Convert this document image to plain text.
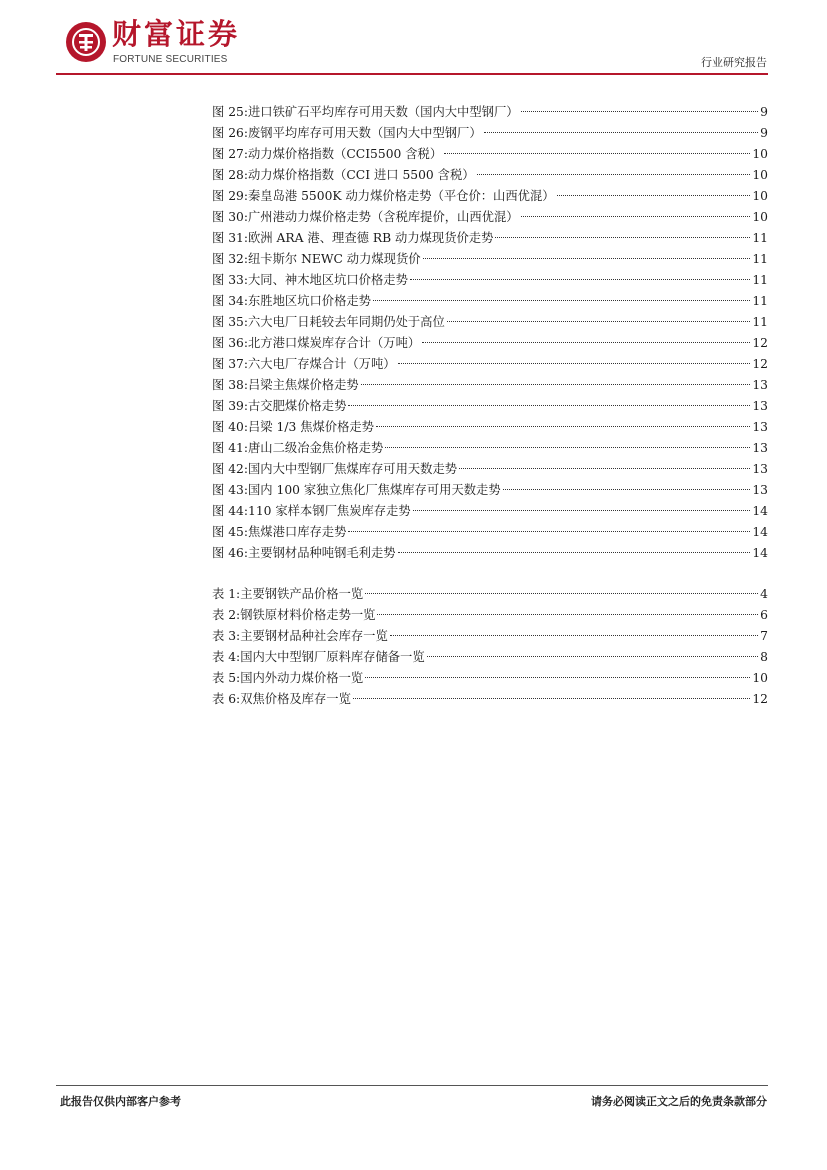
财富证券
FORTUNE SECURITIES	行业研究报告
图 25: 进口铁矿石平均库存可用天数（国内大中型钢厂）	9
图 26: 废钢平均库存可用天数（国内大中型钢厂）	9
图 27: 动力煤价格指数（CCI5500 含税）	10
图 28: 动力煤价格指数（CCI 进口 5500 含税）	10
图 29: 秦皇岛港 5500K 动力煤价格走势（平仓价：山西优混）	10
图 30: 广州港动力煤价格走势（含税库提价，山西优混）	10
图 31: 欧洲 ARA 港、理查德 RB 动力煤现货价走势	11
图 32: 纽卡斯尔 NEWC 动力煤现货价	11
图 33: 大同、神木地区坑口价格走势	11
图 34: 东胜地区坑口价格走势	11
图 35: 六大电厂日耗较去年同期仍处于高位	11
图 36: 北方港口煤炭库存合计（万吨）	12
图 37: 六大电厂存煤合计（万吨）	12
图 38: 吕梁主焦煤价格走势	13
图 39: 古交肥煤价格走势	13
图 40: 吕梁 1/3 焦煤价格走势	13
图 41: 唐山二级冶金焦价格走势	13
图 42: 国内大中型钢厂焦煤库存可用天数走势	13
图 43: 国内 100 家独立焦化厂焦煤库存可用天数走势	13
图 44: 110 家样本钢厂焦炭库存走势	14
图 45: 焦煤港口库存走势	14
图 46: 主要钢材品种吨钢毛利走势	14
表 1: 主要钢铁产品价格一览	4
表 2: 钢铁原材料价格走势一览	6
表 3: 主要钢材品种社会库存一览	7
表 4: 国内大中型钢厂原料库存储备一览	8
表 5: 国内外动力煤价格一览	10
表 6: 双焦价格及库存一览	12
此报告仅供内部客户参考	请务必阅读正文之后的免责条款部分
